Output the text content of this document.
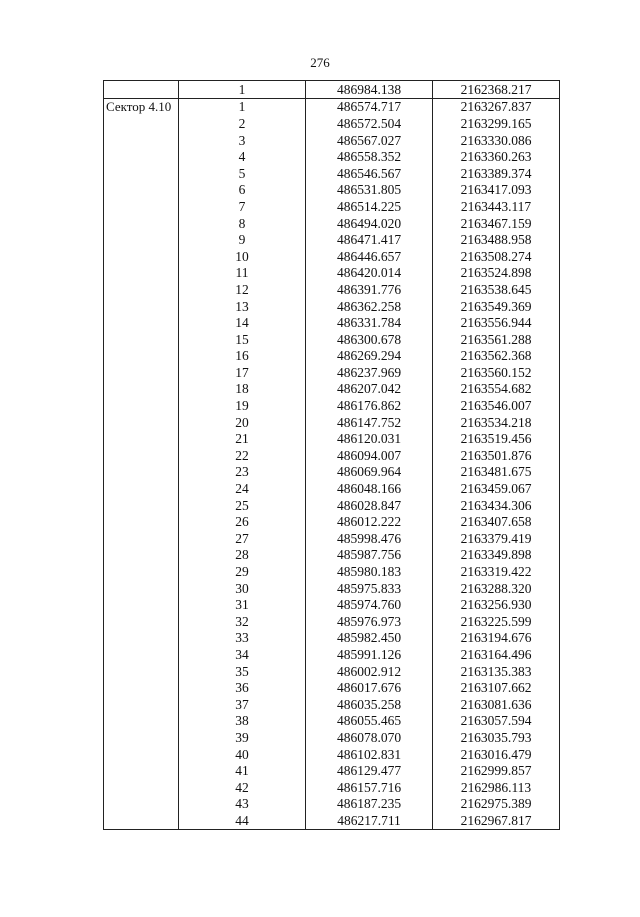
276
	1	486984.138	2162368.217
Сектор 4.10	1	486574.717	2163267.837
	2	486572.504	2163299.165
	3	486567.027	2163330.086
	4	486558.352	2163360.263
	5	486546.567	2163389.374
	6	486531.805	2163417.093
	7	486514.225	2163443.117
	8	486494.020	2163467.159
	9	486471.417	2163488.958
	10	486446.657	2163508.274
	11	486420.014	2163524.898
	12	486391.776	2163538.645
	13	486362.258	2163549.369
	14	486331.784	2163556.944
	15	486300.678	2163561.288
	16	486269.294	2163562.368
	17	486237.969	2163560.152
	18	486207.042	2163554.682
	19	486176.862	2163546.007
	20	486147.752	2163534.218
	21	486120.031	2163519.456
	22	486094.007	2163501.876
	23	486069.964	2163481.675
	24	486048.166	2163459.067
	25	486028.847	2163434.306
	26	486012.222	2163407.658
	27	485998.476	2163379.419
	28	485987.756	2163349.898
	29	485980.183	2163319.422
	30	485975.833	2163288.320
	31	485974.760	2163256.930
	32	485976.973	2163225.599
	33	485982.450	2163194.676
	34	485991.126	2163164.496
	35	486002.912	2163135.383
	36	486017.676	2163107.662
	37	486035.258	2163081.636
	38	486055.465	2163057.594
	39	486078.070	2163035.793
	40	486102.831	2163016.479
	41	486129.477	2162999.857
	42	486157.716	2162986.113
	43	486187.235	2162975.389
	44	486217.711	2162967.817
